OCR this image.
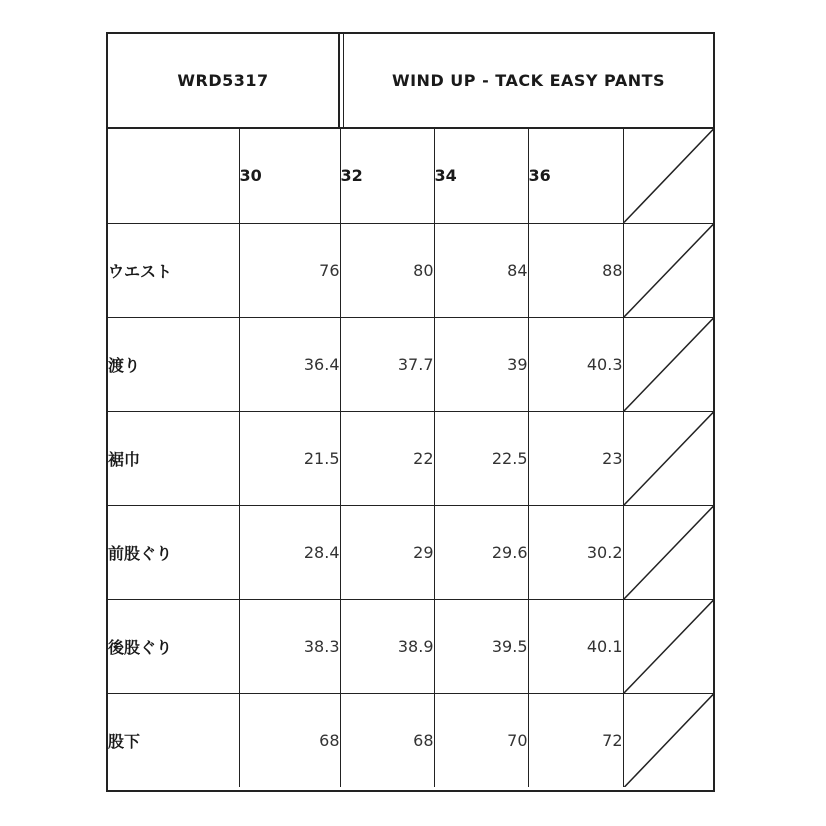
WRD5317	WIND UP - TACK EASY PANTS
	30	32	34	36	

ウエスト	76	80	84	88	

渡り	36.4	37.7	39	40.3	

裾巾	21.5	22	22.5	23	

前股ぐり	28.4	29	29.6	30.2	

後股ぐり	38.3	38.9	39.5	40.1	

股下	68	68	70	72	
